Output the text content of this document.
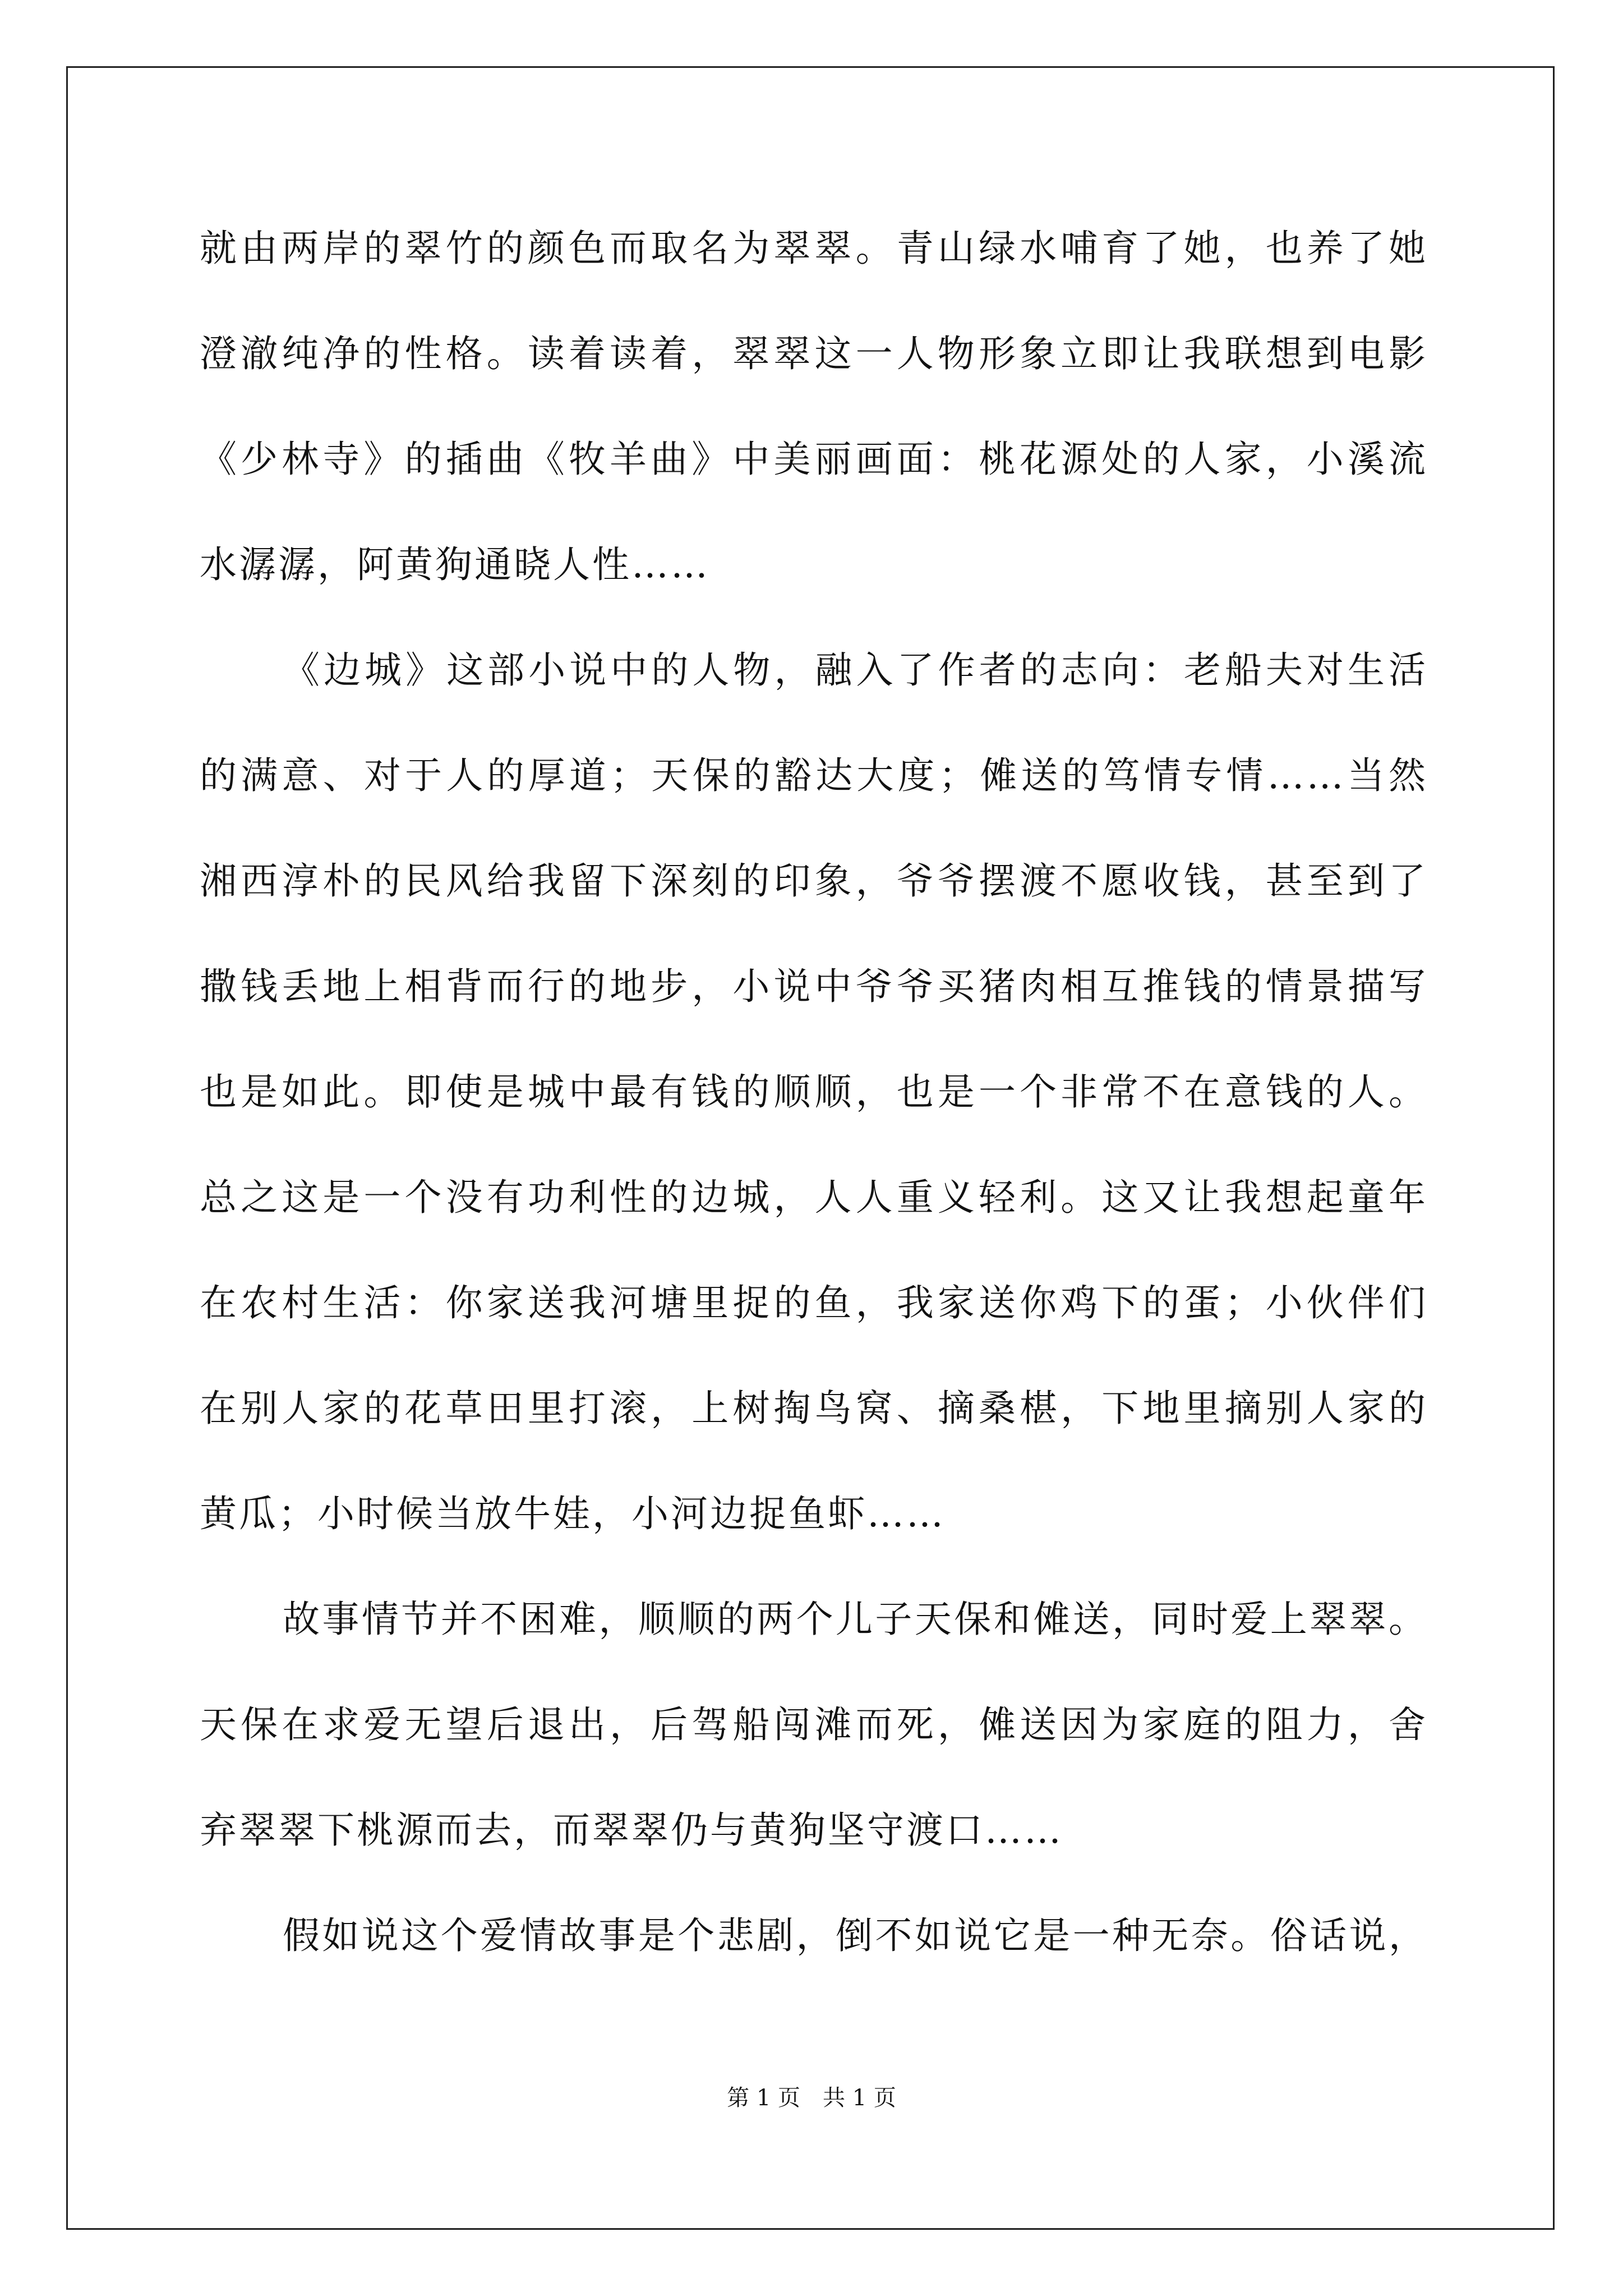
就由两岸的翠竹的颜色而取名为翠翠。青山绿水哺育了她，也养了她
澄澈纯净的性格。读着读着，翠翠这一人物形象立即让我联想到电影
《少林寺》的插曲《牧羊曲》中美丽画面：桃花源处的人家，小溪流
水潺潺，阿黄狗通晓人性……
《边城》这部小说中的人物，融入了作者的志向：老船夫对生活
的满意、对于人的厚道；天保的豁达大度；傩送的笃情专情……当然
湘西淳朴的民风给我留下深刻的印象，爷爷摆渡不愿收钱，甚至到了
撒钱丢地上相背而行的地步，小说中爷爷买猪肉相互推钱的情景描写
也是如此。即使是城中最有钱的顺顺，也是一个非常不在意钱的人。
总之这是一个没有功利性的边城，人人重义轻利。这又让我想起童年
在农村生活：你家送我河塘里捉的鱼，我家送你鸡下的蛋；小伙伴们
在别人家的花草田里打滚，上树掏鸟窝、摘桑椹，下地里摘别人家的
黄瓜；小时候当放牛娃，小河边捉鱼虾……
故事情节并不困难，顺顺的两个儿子天保和傩送，同时爱上翠翠。
天保在求爱无望后退出，后驾船闯滩而死，傩送因为家庭的阻力，舍
弃翠翠下桃源而去，而翠翠仍与黄狗坚守渡口……
假如说这个爱情故事是个悲剧，倒不如说它是一种无奈。俗话说，
第 1 页　共 1 页
